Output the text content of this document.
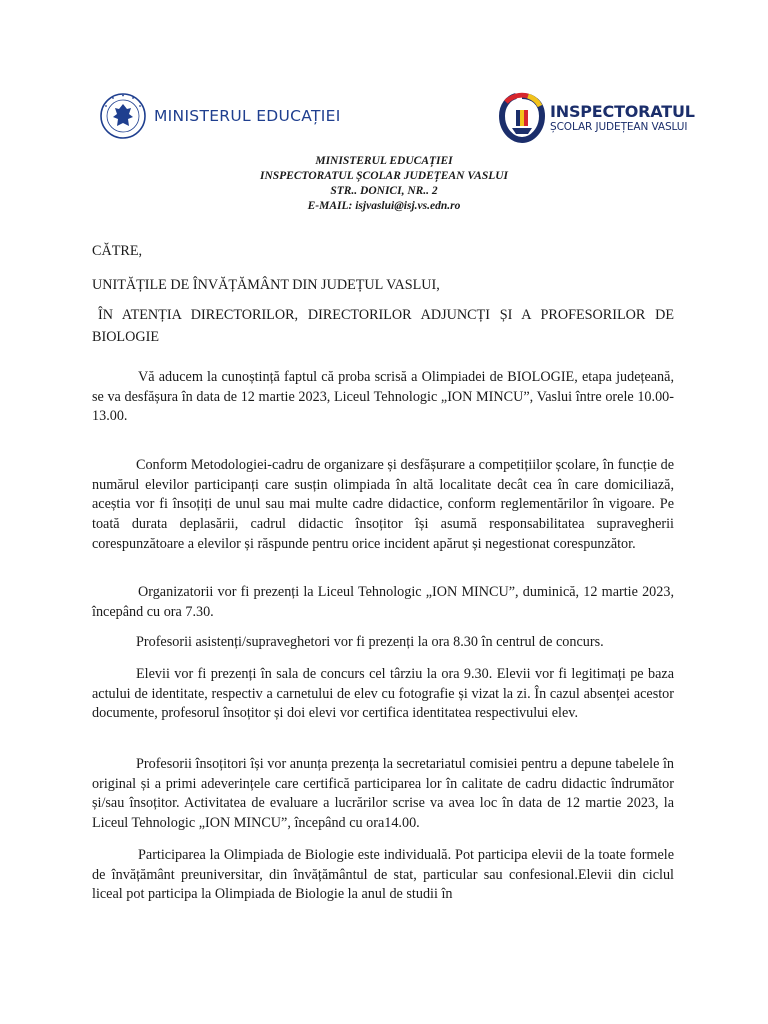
MINISTERUL EDUCAȚIEI	INSPECTORATUL
ȘCOLAR JUDEȚEAN VASLUI
MINISTERUL EDUCAȚIEI
INSPECTORATUL ȘCOLAR JUDEȚEAN VASLUI
STR.. DONICI, NR.. 2
E-MAIL: isjvaslui@isj.vs.edn.ro

CĂTRE,

UNITĂȚILE DE ÎNVĂȚĂMÂNT DIN JUDEȚUL VASLUI,

ÎN ATENȚIA DIRECTORILOR, DIRECTORILOR ADJUNCȚI ȘI A PROFESORILOR DE BIOLOGIE

Vă aducem la cunoștință faptul că proba scrisă a Olimpiadei de BIOLOGIE, etapa județeană, se va desfășura în data de 12 martie 2023, Liceul Tehnologic „ION MINCU”, Vaslui între orele 10.00-13.00.

Conform Metodologiei-cadru de organizare și desfășurare a competițiilor școlare, în funcție de numărul elevilor participanți care susțin olimpiada în altă localitate decât cea în care domiciliază, aceștia vor fi însoțiți de unul sau mai multe cadre didactice, conform reglementărilor în vigoare. Pe toată durata deplasării, cadrul didactic însoțitor își asumă responsabilitatea supravegherii corespunzătoare a elevilor și răspunde pentru orice incident apărut și negestionat corespunzător.

Organizatorii vor fi prezenți la Liceul Tehnologic „ION MINCU”, duminică, 12 martie 2023, începând cu ora 7.30.

Profesorii asistenți/supraveghetori vor fi prezenți la ora 8.30 în centrul de concurs.

Elevii vor fi prezenți în sala de concurs cel târziu la ora 9.30. Elevii vor fi legitimați pe baza actului de identitate, respectiv a carnetului de elev cu fotografie și vizat la zi. În cazul absenței acestor documente, profesorul însoțitor și doi elevi vor certifica identitatea respectivului elev.

Profesorii însoțitori își vor anunța prezența la secretariatul comisiei pentru a depune tabelele în original și a primi adeverințele care certifică participarea lor în calitate de cadru didactic îndrumător și/sau însoțitor. Activitatea de evaluare a lucrărilor scrise va avea loc în data de 12 martie 2023, la Liceul Tehnologic „ION MINCU”, începând cu ora14.00.

Participarea la Olimpiada de Biologie este individuală. Pot participa elevii de la toate formele de învățământ preuniversitar, din învățământul de stat, particular sau confesional.Elevii din ciclul liceal pot participa la Olimpiada de Biologie la anul de studii în
